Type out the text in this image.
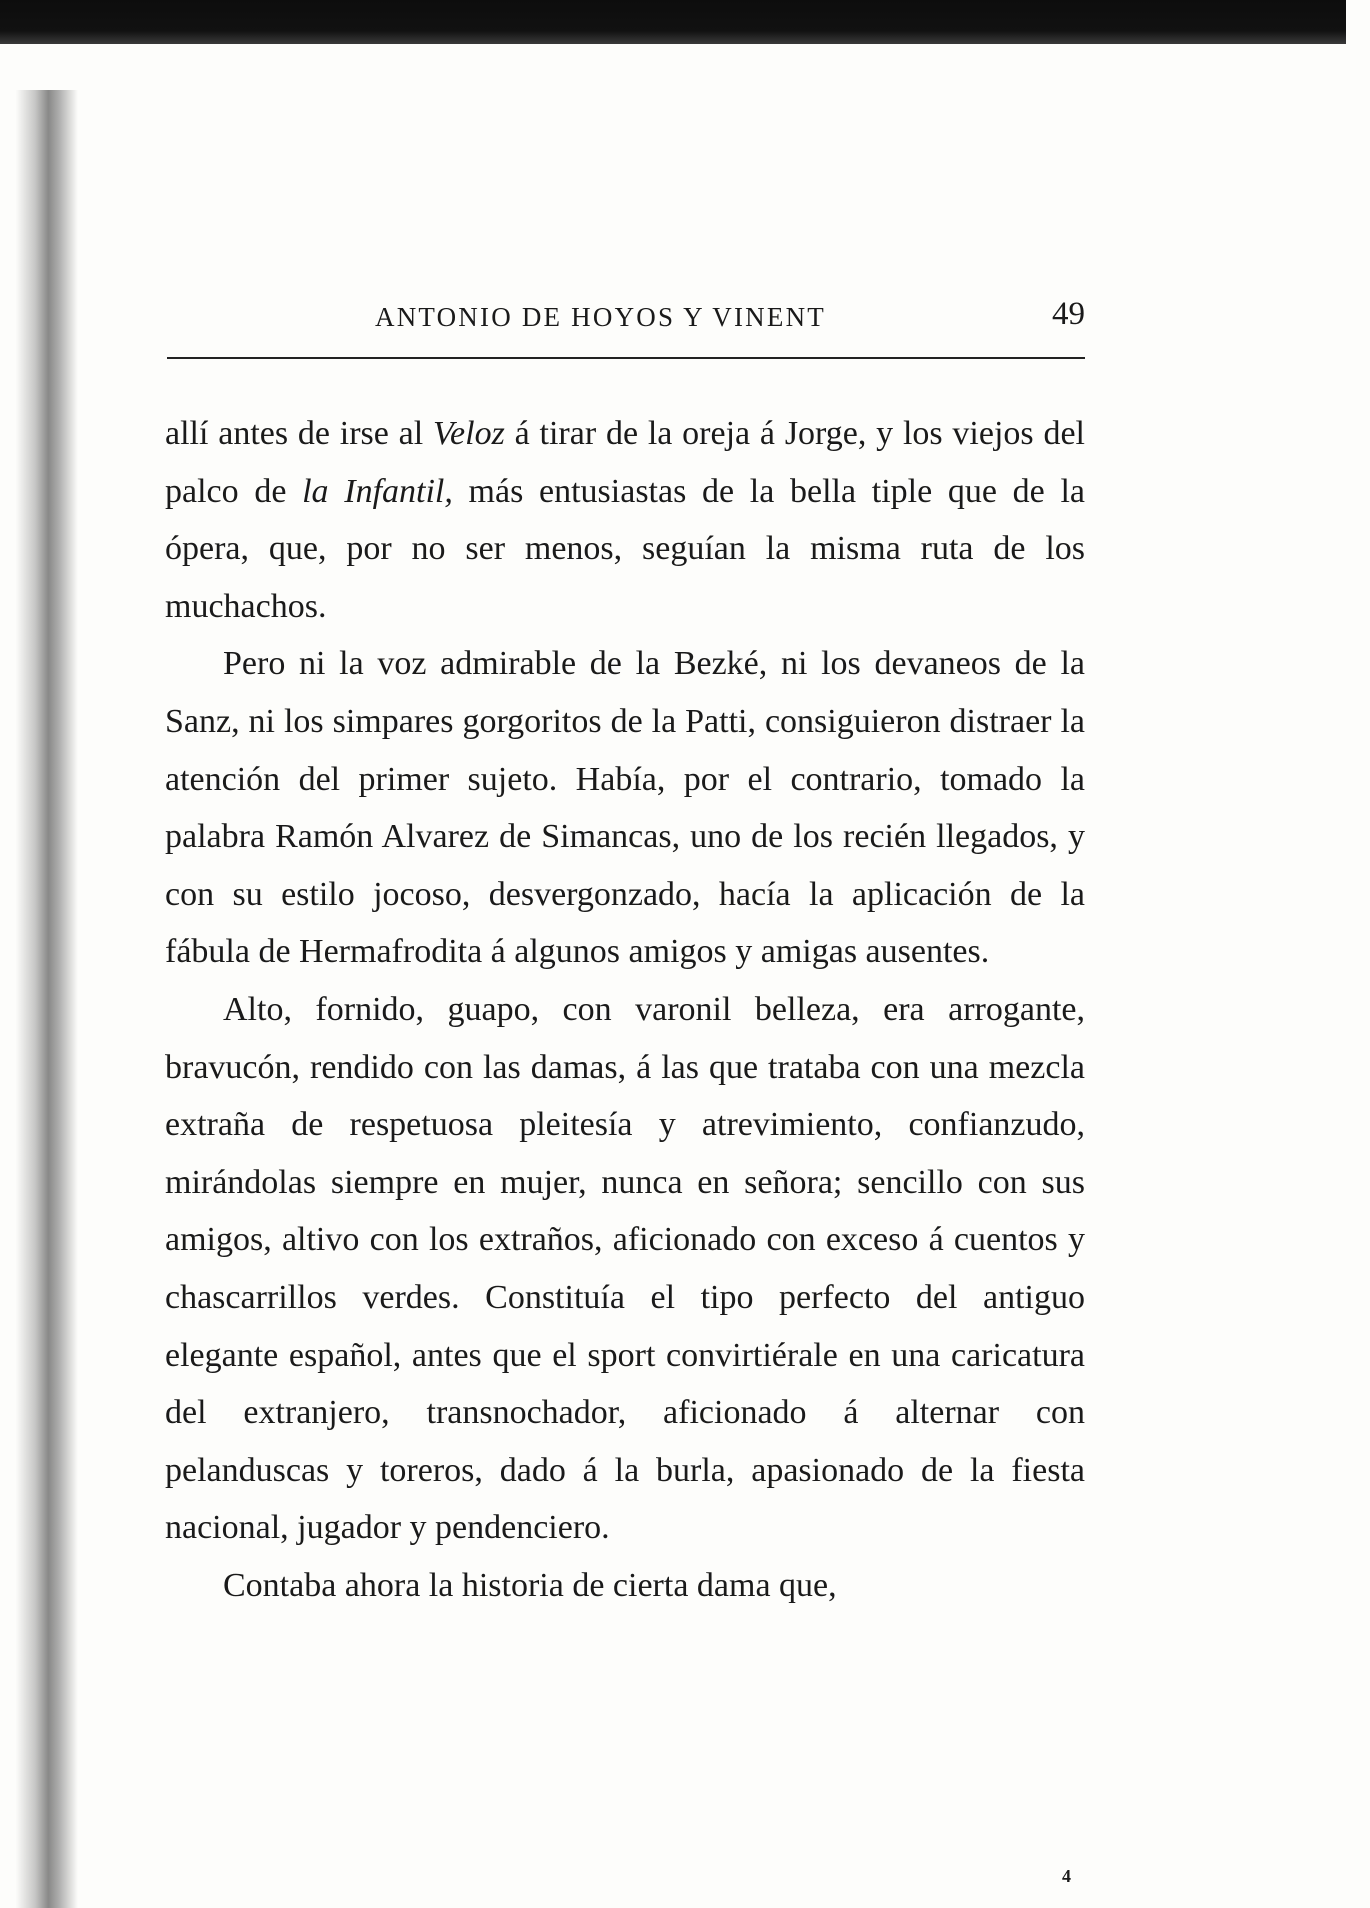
ANTONIO DE HOYOS Y VINENT	49

allí antes de irse al Veloz á tirar de la oreja á Jorge, y los viejos del palco de la Infantil, más entusiastas de la bella tiple que de la ópera, que, por no ser menos, seguían la misma ruta de los muchachos.

Pero ni la voz admirable de la Bezké, ni los devaneos de la Sanz, ni los simpares gorgoritos de la Patti, consiguieron distraer la atención del primer sujeto. Había, por el contrario, tomado la palabra Ramón Alvarez de Simancas, uno de los recién llegados, y con su estilo jocoso, desvergonzado, hacía la aplicación de la fábula de Hermafrodita á algunos amigos y amigas ausentes.

Alto, fornido, guapo, con varonil belleza, era arrogante, bravucón, rendido con las damas, á las que trataba con una mezcla extraña de respetuosa pleitesía y atrevimiento, confianzudo, mirándolas siempre en mujer, nunca en señora; sencillo con sus amigos, altivo con los extraños, aficionado con exceso á cuentos y chascarrillos verdes. Constituía el tipo perfecto del antiguo elegante español, antes que el sport convirtiérale en una caricatura del extranjero, transnochador, aficionado á alternar con pelanduscas y toreros, dado á la burla, apasionado de la fiesta nacional, jugador y pendenciero.

Contaba ahora la historia de cierta dama que,

4
